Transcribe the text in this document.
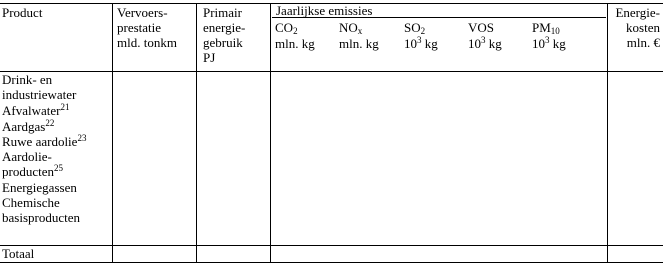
Product	Vervoers-
prestatie
mld. tonkm
Primair
energie-
gebruik
PJ
Jaarlijkse emissies
$CO_2$
mln. kg
$NO_x$
mln. kg
$SO_2$
$10^3$ kg
VOS
$10^3$ kg
$PM_{10}$
$10^3$ kg
Energie-
kosten
mln. €
Drink- en
industriewater
Afvalwater$^{21}$
Aardgas$^{22}$
Ruwe aardolie$^{23}$
Aardolie-
producten$^{25}$
Energiegassen
Chemische
basisproducten
Totaal
